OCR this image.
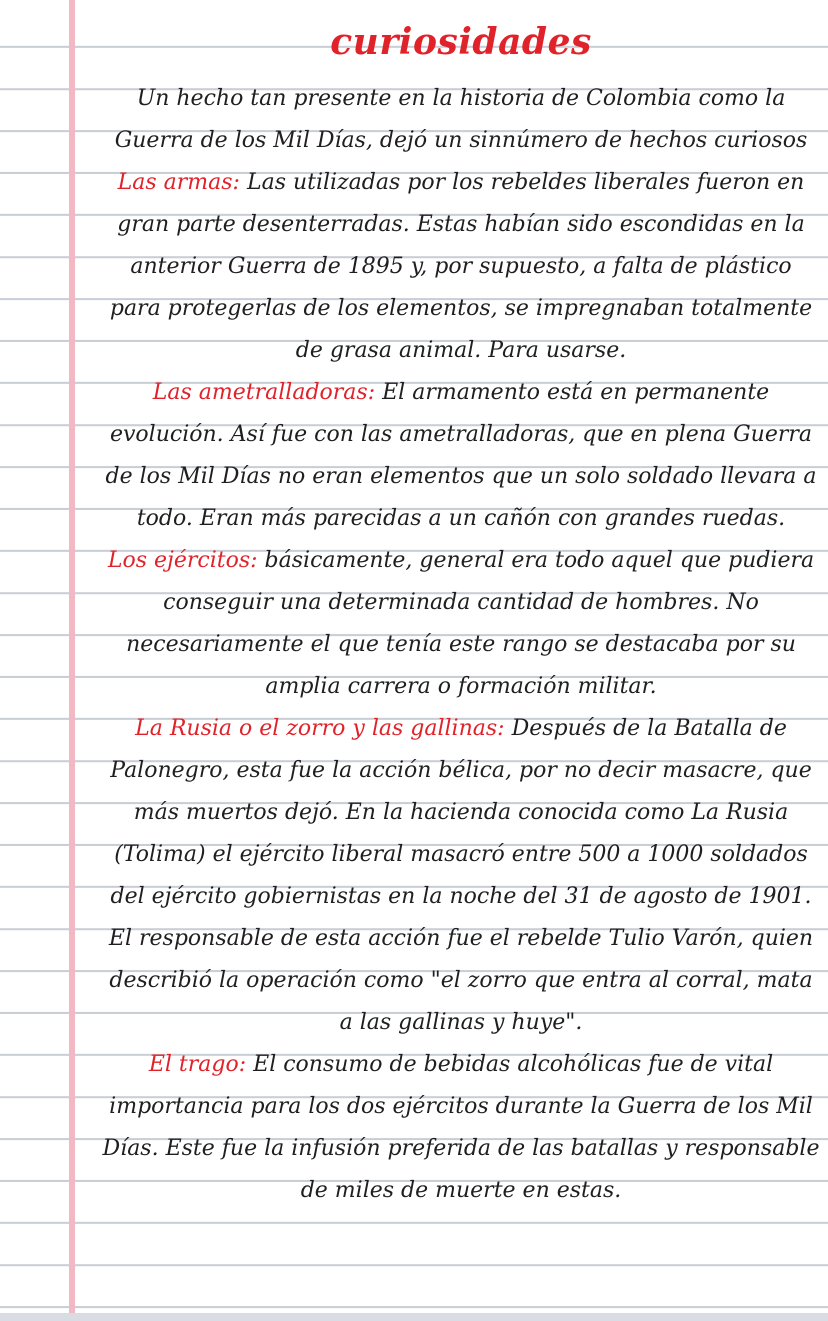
curiosidades

Un hecho tan presente en la historia de Colombia como la Guerra de los Mil Días, dejó un sinnúmero de hechos curiosos

Las armas: Las utilizadas por los rebeldes liberales fueron en gran parte desenterradas. Estas habían sido escondidas en la anterior Guerra de 1895 y, por supuesto, a falta de plástico para protegerlas de los elementos, se impregnaban totalmente de grasa animal. Para usarse.

Las ametralladoras: El armamento está en permanente evolución. Así fue con las ametralladoras, que en plena Guerra de los Mil Días no eran elementos que un solo soldado llevara a todo. Eran más parecidas a un cañón con grandes ruedas.

Los ejércitos: básicamente, general era todo aquel que pudiera conseguir una determinada cantidad de hombres. No necesariamente el que tenía este rango se destacaba por su amplia carrera o formación militar.

La Rusia o el zorro y las gallinas: Después de la Batalla de Palonegro, esta fue la acción bélica, por no decir masacre, que más muertos dejó. En la hacienda conocida como La Rusia (Tolima) el ejército liberal masacró entre 500 a 1000 soldados del ejército gobiernistas en la noche del 31 de agosto de 1901. El responsable de esta acción fue el rebelde Tulio Varón, quien describió la operación como "el zorro que entra al corral, mata a las gallinas y huye".

El trago: El consumo de bebidas alcohólicas fue de vital importancia para los dos ejércitos durante la Guerra de los Mil Días. Este fue la infusión preferida de las batallas y responsable de miles de muerte en estas.
